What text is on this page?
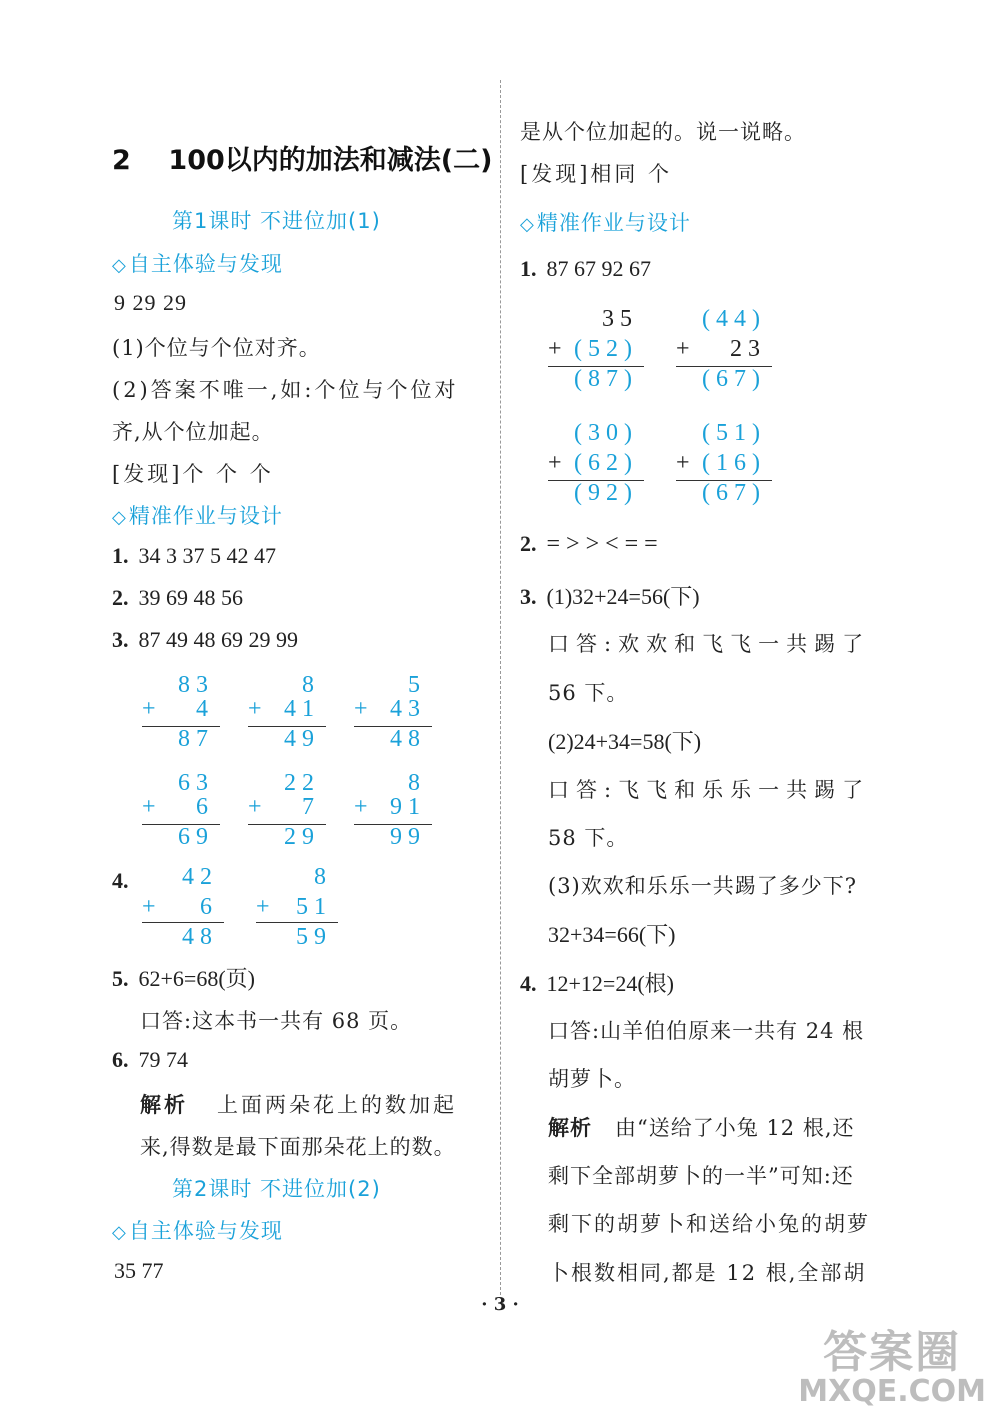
2 100以内的加法和减法(二)
第1课时 不进位加(1)
◇自主体验与发现
9 29 29
(1)个位与个位对齐。
(2)答案不唯一,如:个位与个位对
齐,从个位加起。
[发现]个 个 个
◇精准作业与设计
1. 34 3 37 5 42 47
2. 39 69 48 56
3. 87 49 48 69 29 99
83
+ 4
87
8
+ 41
49
5
+ 43
48
63
+ 6
69
22
+ 7
29
8
+ 91
99
4.	42
+ 6
48
8
+ 51
59
5. 62+6=68(页)
口答:这本书一共有 68 页。
6. 79 74
解析 上面两朵花上的数加起
来,得数是最下面那朵花上的数。
第2课时 不进位加(2)
◇自主体验与发现
35 77
是从个位加起的。说一说略。
[发现]相同 个
◇精准作业与设计
1. 87 67 92 67
35
+ (52)
(87)
(44)
+ 23
(67)
(30)
+ (62)
(92)
(51)
+ (16)
(67)
2. = > > < = =
3. (1)32+24=56(下)
口答:欢欢和飞飞一共踢了
56 下。
(2)24+34=58(下)
口答:飞飞和乐乐一共踢了
58 下。
(3)欢欢和乐乐一共踢了多少下?
32+34=66(下)
4. 12+12=24(根)
口答:山羊伯伯原来一共有 24 根
胡萝卜。
解析 由“送给了小兔 12 根,还
剩下全部胡萝卜的一半”可知:还
剩下的胡萝卜和送给小兔的胡萝
卜根数相同,都是 12 根,全部胡
· 3 ·
答案圈
MXQE.COM
